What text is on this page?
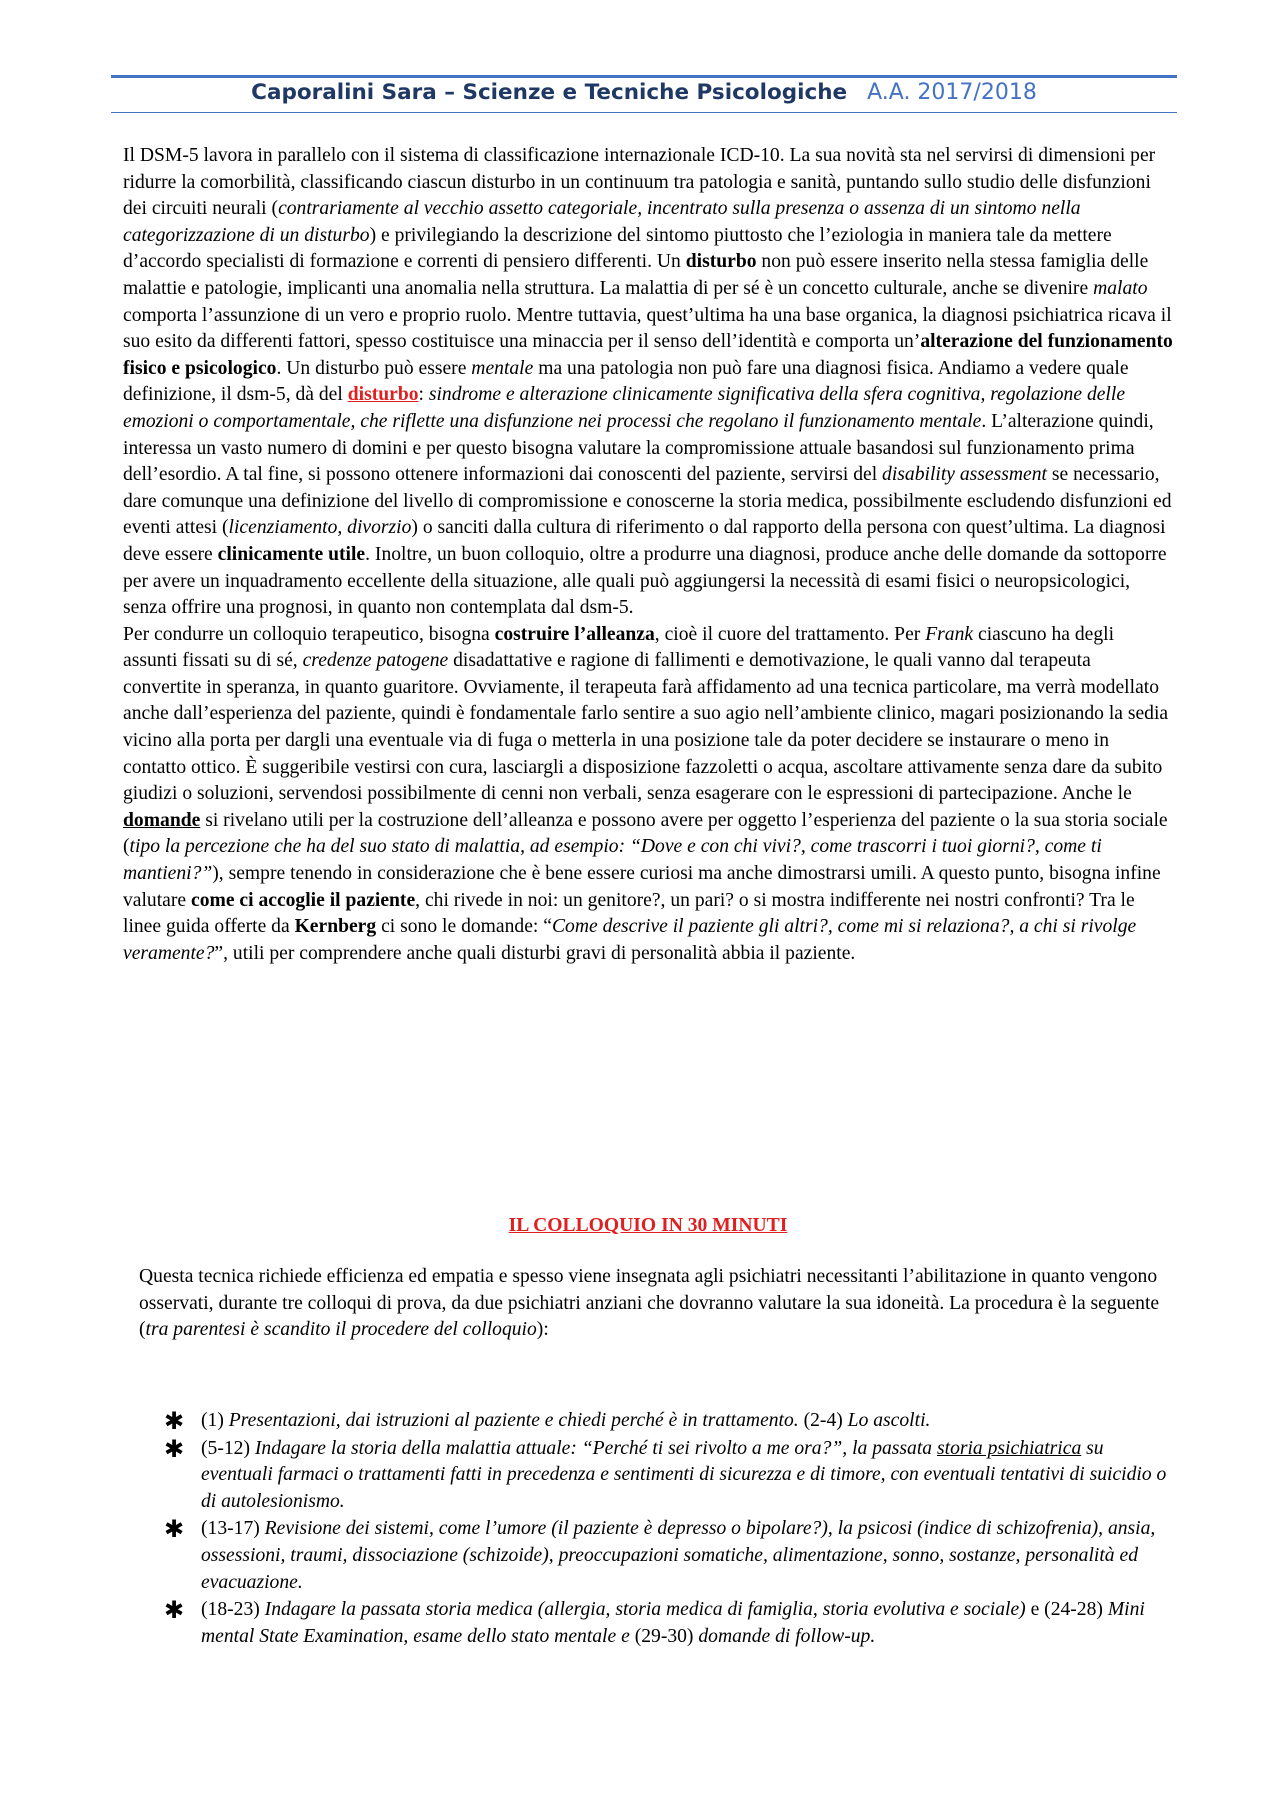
Caporalini Sara – Scienze e Tecniche Psicologiche A.A. 2017/2018

Il DSM-5 lavora in parallelo con il sistema di classificazione internazionale ICD-10. La sua novità sta nel servirsi di dimensioni per ridurre la comorbilità, classificando ciascun disturbo in un continuum tra patologia e sanità, puntando sullo studio delle disfunzioni dei circuiti neurali (contrariamente al vecchio assetto categoriale, incentrato sulla presenza o assenza di un sintomo nella categorizzazione di un disturbo) e privilegiando la descrizione del sintomo piuttosto che l’eziologia in maniera tale da mettere d’accordo specialisti di formazione e correnti di pensiero differenti. Un disturbo non può essere inserito nella stessa famiglia delle malattie e patologie, implicanti una anomalia nella struttura. La malattia di per sé è un concetto culturale, anche se divenire malato comporta l’assunzione di un vero e proprio ruolo. Mentre tuttavia, quest’ultima ha una base organica, la diagnosi psichiatrica ricava il suo esito da differenti fattori, spesso costituisce una minaccia per il senso dell’identità e comporta un’alterazione del funzionamento fisico e psicologico. Un disturbo può essere mentale ma una patologia non può fare una diagnosi fisica. Andiamo a vedere quale definizione, il dsm-5, dà del disturbo: sindrome e alterazione clinicamente significativa della sfera cognitiva, regolazione delle emozioni o comportamentale, che riflette una disfunzione nei processi che regolano il funzionamento mentale. L’alterazione quindi, interessa un vasto numero di domini e per questo bisogna valutare la compromissione attuale basandosi sul funzionamento prima dell’esordio. A tal fine, si possono ottenere informazioni dai conoscenti del paziente, servirsi del disability assessment se necessario, dare comunque una definizione del livello di compromissione e conoscerne la storia medica, possibilmente escludendo disfunzioni ed eventi attesi (licenziamento, divorzio) o sanciti dalla cultura di riferimento o dal rapporto della persona con quest’ultima. La diagnosi deve essere clinicamente utile. Inoltre, un buon colloquio, oltre a produrre una diagnosi, produce anche delle domande da sottoporre per avere un inquadramento eccellente della situazione, alle quali può aggiungersi la necessità di esami fisici o neuropsicologici, senza offrire una prognosi, in quanto non contemplata dal dsm-5.

Per condurre un colloquio terapeutico, bisogna costruire l’alleanza, cioè il cuore del trattamento. Per Frank ciascuno ha degli assunti fissati su di sé, credenze patogene disadattative e ragione di fallimenti e demotivazione, le quali vanno dal terapeuta convertite in speranza, in quanto guaritore. Ovviamente, il terapeuta farà affidamento ad una tecnica particolare, ma verrà modellato anche dall’esperienza del paziente, quindi è fondamentale farlo sentire a suo agio nell’ambiente clinico, magari posizionando la sedia vicino alla porta per dargli una eventuale via di fuga o metterla in una posizione tale da poter decidere se instaurare o meno in contatto ottico. È suggeribile vestirsi con cura, lasciargli a disposizione fazzoletti o acqua, ascoltare attivamente senza dare da subito giudizi o soluzioni, servendosi possibilmente di cenni non verbali, senza esagerare con le espressioni di partecipazione. Anche le domande si rivelano utili per la costruzione dell’alleanza e possono avere per oggetto l’esperienza del paziente o la sua storia sociale (tipo la percezione che ha del suo stato di malattia, ad esempio: “Dove e con chi vivi?, come trascorri i tuoi giorni?, come ti mantieni?”), sempre tenendo in considerazione che è bene essere curiosi ma anche dimostrarsi umili. A questo punto, bisogna infine valutare come ci accoglie il paziente, chi rivede in noi: un genitore?, un pari? o si mostra indifferente nei nostri confronti? Tra le linee guida offerte da Kernberg ci sono le domande: “Come descrive il paziente gli altri?, come mi si relaziona?, a chi si rivolge veramente?”, utili per comprendere anche quali disturbi gravi di personalità abbia il paziente.

IL COLLOQUIO IN 30 MINUTI

Questa tecnica richiede efficienza ed empatia e spesso viene insegnata agli psichiatri necessitanti l’abilitazione in quanto vengono osservati, durante tre colloqui di prova, da due psichiatri anziani che dovranno valutare la sua idoneità. La procedura è la seguente (tra parentesi è scandito il procedere del colloquio):

✱ (1) Presentazioni, dai istruzioni al paziente e chiedi perché è in trattamento. (2-4) Lo ascolti.
✱ (5-12) Indagare la storia della malattia attuale: “Perché ti sei rivolto a me ora?”, la passata storia psichiatrica su eventuali farmaci o trattamenti fatti in precedenza e sentimenti di sicurezza e di timore, con eventuali tentativi di suicidio o di autolesionismo.
✱ (13-17) Revisione dei sistemi, come l’umore (il paziente è depresso o bipolare?), la psicosi (indice di schizofrenia), ansia, ossessioni, traumi, dissociazione (schizoide), preoccupazioni somatiche, alimentazione, sonno, sostanze, personalità ed evacuazione.
✱ (18-23) Indagare la passata storia medica (allergia, storia medica di famiglia, storia evolutiva e sociale) e (24-28) Mini mental State Examination, esame dello stato mentale e (29-30) domande di follow-up.
